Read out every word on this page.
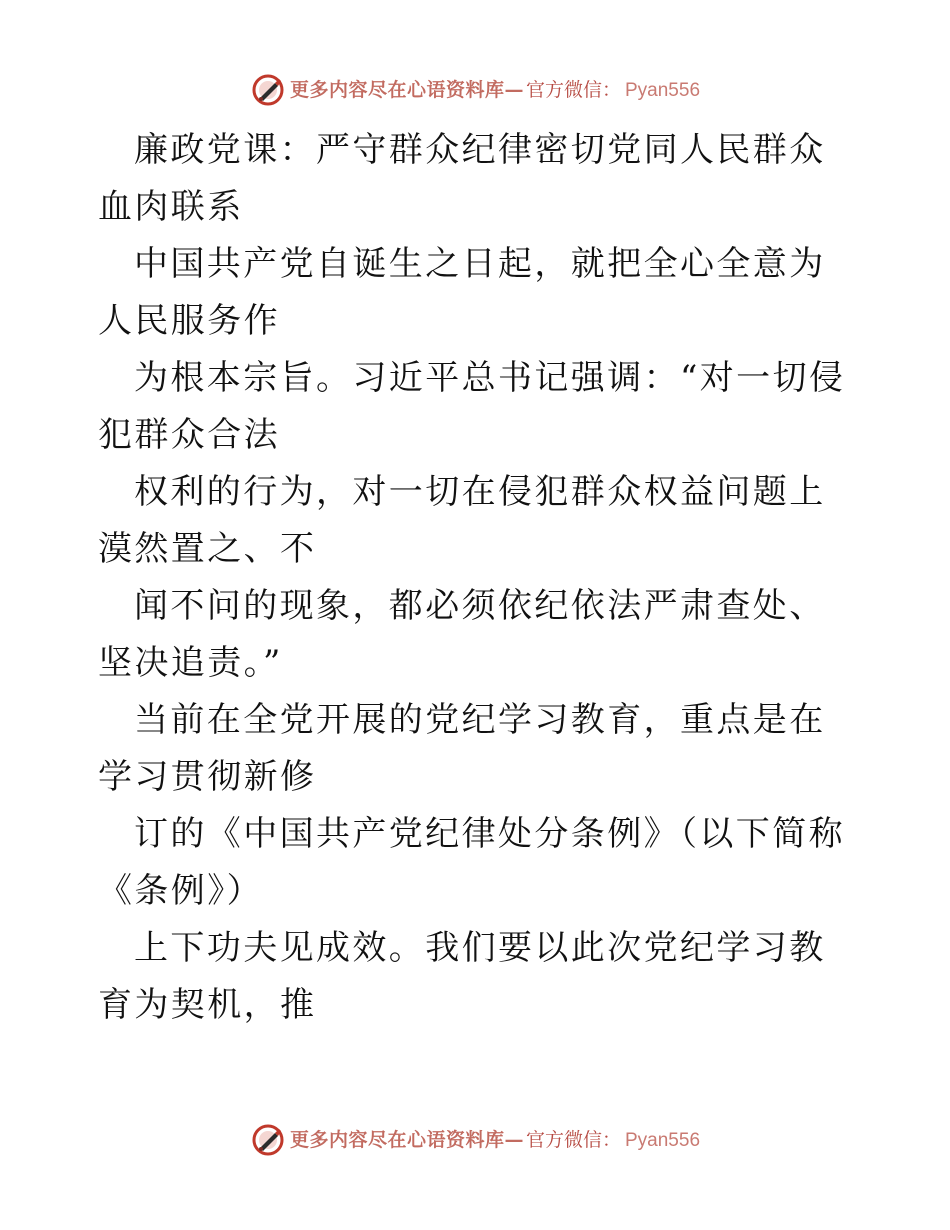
更多内容尽在心语资料库— 官方微信： Pyan556

廉政党课：严守群众纪律密切党同人民群众血肉联系

中国共产党自诞生之日起，就把全心全意为人民服务作

为根本宗旨。习近平总书记强调：“对一切侵犯群众合法

权利的行为，对一切在侵犯群众权益问题上漠然置之、不

闻不问的现象，都必须依纪依法严肃查处、坚决追责。”

当前在全党开展的党纪学习教育，重点是在学习贯彻新修

订的《中国共产党纪律处分条例》（以下简称《条例》）

上下功夫见成效。我们要以此次党纪学习教育为契机，推

更多内容尽在心语资料库— 官方微信： Pyan556
